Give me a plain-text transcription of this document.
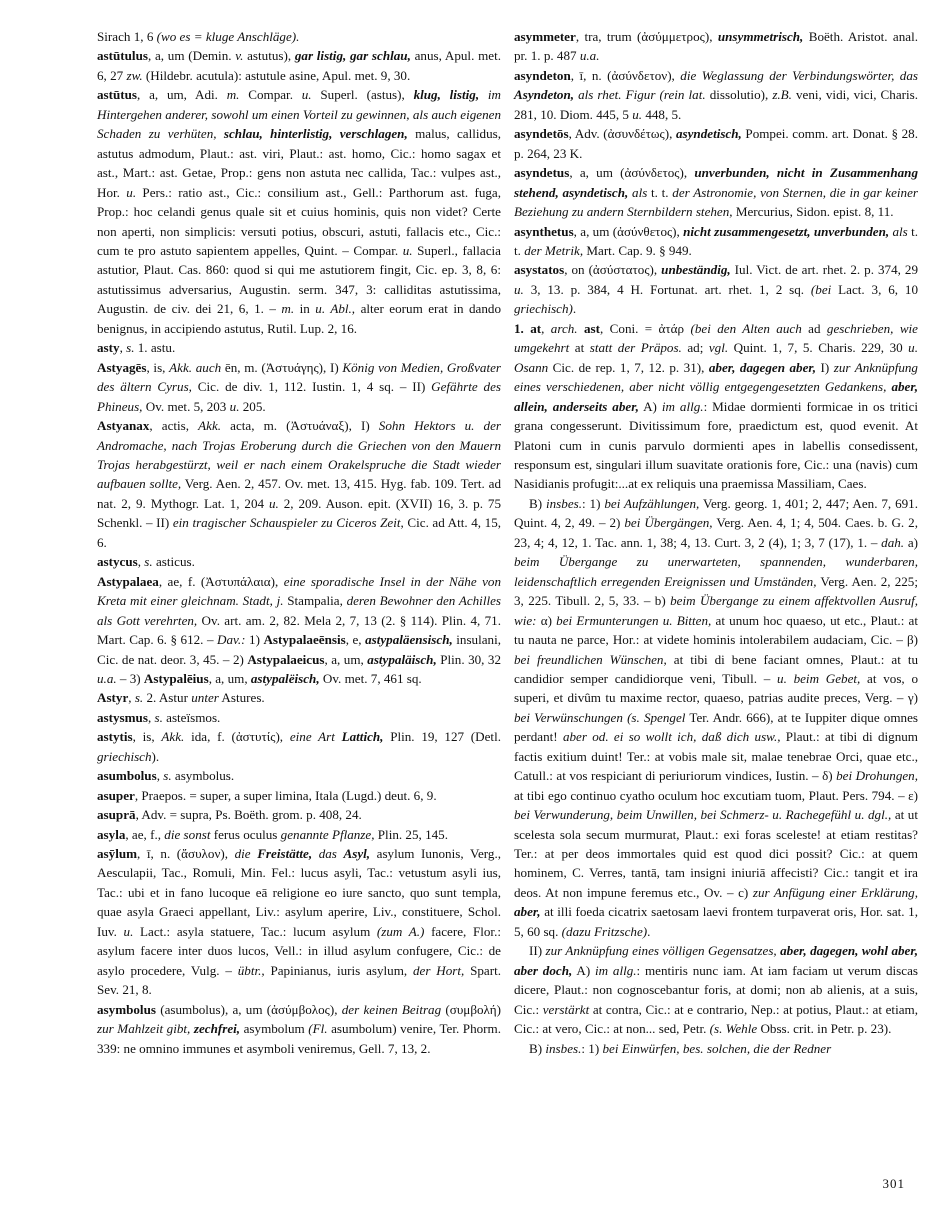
Sirach 1, 6 (wo es = kluge Anschläge).

astūtulus, a, um (Demin. v. astutus), gar listig, gar schlau, anus, Apul. met. 6, 27 zw. (Hildebr. acutula): astutule asine, Apul. met. 9, 30.

astūtus, a, um, Adi. m. Compar. u. Superl. (astus), klug, listig, im Hintergehen anderer, sowohl um einen Vorteil zu gewinnen, als auch eigenen Schaden zu verhüten, schlau, hinterlistig, verschlagen, malus, callidus, astutus admodum, Plaut.: ast. viri, Plaut.: ast. homo, Cic.: homo sagax et ast., Mart.: ast. Getae, Prop.: gens non astuta nec callida, Tac.: vulpes ast., Hor. u. Pers.: ratio ast., Cic.: consilium ast., Gell.: Parthorum ast. fuga, Prop.: hoc celandi genus quale sit et cuius hominis, quis non videt? Certe non aperti, non simplicis: versuti potius, obscuri, astuti, fallacis etc., Cic.: cum te pro astuto sapientem appelles, Quint. – Compar. u. Superl., fallacia astutior, Plaut. Cas. 860: quod si qui me astutiorem fingit, Cic. ep. 3, 8, 6: astutissimus adversarius, Augustin. serm. 347, 3: calliditas astutissima, Augustin. de civ. dei 21, 6, 1. – m. in u. Abl., alter eorum erat in dando benignus, in accipiendo astutus, Rutil. Lup. 2, 16.

asty, s. 1. astu.

Astyagēs, is, Akk. auch ēn, m. (Ἀστυάγης), I) König von Medien, Großvater des ältern Cyrus, Cic. de div. 1, 112. Iustin. 1, 4 sq. – II) Gefährte des Phineus, Ov. met. 5, 203 u. 205.

Astyanax, actis, Akk. acta, m. (Ἀστυάναξ), I) Sohn Hektors u. der Andromache, nach Trojas Eroberung durch die Griechen von den Mauern Trojas herabgestürzt, weil er nach einem Orakelspruche die Stadt wieder aufbauen sollte, Verg. Aen. 2, 457. Ov. met. 13, 415. Hyg. fab. 109. Tert. ad nat. 2, 9. Mythogr. Lat. 1, 204 u. 2, 209. Auson. epit. (XVII) 16, 3. p. 75 Schenkl. – II) ein tragischer Schauspieler zu Ciceros Zeit, Cic. ad Att. 4, 15, 6.

astycus, s. asticus.

Astypalaea, ae, f. (Ἀστυπάλαια), eine sporadische Insel in der Nähe von Kreta mit einer gleichnam. Stadt, j. Stampalia, deren Bewohner den Achilles als Gott verehrten, Ov. art. am. 2, 82. Mela 2, 7, 13 (2. § 114). Plin. 4, 71. Mart. Cap. 6. § 612. – Dav.: 1) Astypalaeēnsis, e, astypaläensisch, insulani, Cic. de nat. deor. 3, 45. – 2) Astypalaeicus, a, um, astypaläisch, Plin. 30, 32 u.a. – 3) Astypalēius, a, um, astypalëisch, Ov. met. 7, 461 sq.

Astyr, s. 2. Astur unter Astures.

astysmus, s. asteïsmos.

astytis, is, Akk. ida, f. (ἀστυτίς), eine Art Lattich, Plin. 19, 127 (Detl. griechisch).

asumbolus, s. asymbolus.

asuper, Praepos. = super, a super limina, Itala (Lugd.) deut. 6, 9.

asuprā, Adv. = supra, Ps. Boëth. grom. p. 408, 24.

asyla, ae, f., die sonst ferus oculus genannte Pflanze, Plin. 25, 145.

asȳlum, ī, n. (ἄσυλον), die Freistätte, das Asyl, asylum Iunonis, Verg., Aesculapii, Tac., Romuli, Min. Fel.: lucus asyli, Tac.: vetustum asyli ius, Tac.: ubi et in fano lucoque eā religione eo iure sancto, quo sunt templa, quae asyla Graeci appellant, Liv.: asylum aperire, Liv., constituere, Schol. Iuv. u. Lact.: asyla statuere, Tac.: lucum asylum (zum A.) facere, Flor.: asylum facere inter duos lucos, Vell.: in illud asylum confugere, Cic.: de asylo procedere, Vulg. – übtr., Papinianus, iuris asylum, der Hort, Spart. Sev. 21, 8.

asymbolus (asumbolus), a, um (ἀσύμβολος), der keinen Beitrag (συμβολή) zur Mahlzeit gibt, zechfrei, asymbolum (Fl. asumbolum) venire, Ter. Phorm. 339: ne omnino immunes et asymboli veniremus, Gell. 7, 13, 2.

asymmeter, tra, trum (ἀσύμμετρος), unsymmetrisch, Boëth. Aristot. anal. pr. 1. p. 487 u.a.

asyndeton, ī, n. (ἀσύνδετον), die Weglassung der Verbindungswörter, das Asyndeton, als rhet. Figur (rein lat. dissolutio), z.B. veni, vidi, vici, Charis. 281, 10. Diom. 445, 5 u. 448, 5.

asyndetōs, Adv. (ἀσυνδέτως), asyndetisch, Pompei. comm. art. Donat. § 28. p. 264, 23 K.

asyndetus, a, um (ἀσύνδετος), unverbunden, nicht in Zusammenhang stehend, asyndetisch, als t. t. der Astronomie, von Sternen, die in gar keiner Beziehung zu andern Sternbildern stehen, Mercurius, Sidon. epist. 8, 11.

asynthetus, a, um (ἀσύνθετος), nicht zusammengesetzt, unverbunden, als t. t. der Metrik, Mart. Cap. 9. § 949.

asystatos, on (ἀσύστατος), unbeständig, Iul. Vict. de art. rhet. 2. p. 374, 29 u. 3, 13. p. 384, 4 H. Fortunat. art. rhet. 1, 2 sq. (bei Lact. 3, 6, 10 griechisch).

1. at, arch. ast, Coni. = ἀτάρ (bei den Alten auch ad geschrieben, wie umgekehrt at statt der Präpos. ad; vgl. Quint. 1, 7, 5. Charis. 229, 30 u. Osann Cic. de rep. 1, 7, 12. p. 31), aber, dagegen aber, I) zur Anknüpfung eines verschiedenen, aber nicht völlig entgegengesetzten Gedankens, aber, allein, anderseits aber, A) im allg.: Midae dormienti formicae in os tritici grana congesserunt. Divitissimum fore, praedictum est, quod evenit. At Platoni cum in cunis parvulo dormienti apes in labellis consedissent, responsum est, singulari illum suavitate orationis fore, Cic.: una (navis) cum Nasidianis profugit:...at ex reliquis una praemissa Massiliam, Caes.

B) insbes.: 1) bei Aufzählungen, Verg. georg. 1, 401; 2, 447; Aen. 7, 691. Quint. 4, 2, 49. – 2) bei Übergängen, Verg. Aen. 4, 1; 4, 504. Caes. b. G. 2, 23, 4; 4, 12, 1. Tac. ann. 1, 38; 4, 13. Curt. 3, 2 (4), 1; 3, 7 (17), 1. – dah. a) beim Übergange zu unerwarteten, spannenden, wunderbaren, leidenschaftlich erregenden Ereignissen und Umständen, Verg. Aen. 2, 225; 3, 225. Tibull. 2, 5, 33. – b) beim Übergange zu einem affektvollen Ausruf, wie: α) bei Ermunterungen u. Bitten, at unum hoc quaeso, ut etc., Plaut.: at tu nauta ne parce, Hor.: at videte hominis intolerabilem audaciam, Cic. – β) bei freundlichen Wünschen, at tibi di bene faciant omnes, Plaut.: at tu candidior semper candidiorque veni, Tibull. – u. beim Gebet, at vos, o superi, et divûm tu maxime rector, quaeso, patrias audite preces, Verg. – γ) bei Verwünschungen (s. Spengel Ter. Andr. 666), at te Iuppiter dique omnes perdant! aber od. ei so wollt ich, daß dich usw., Plaut.: at tibi di dignum factis exitium duint! Ter.: at vobis male sit, malae tenebrae Orci, quae etc., Catull.: at vos respiciant di periuriorum vindices, Iustin. – δ) bei Drohungen, at tibi ego continuo cyatho oculum hoc excutiam tuom, Plaut. Pers. 794. – ε) bei Verwunderung, beim Unwillen, bei Schmerz- u. Rachegefühl u. dgl., at ut scelesta sola secum murmurat, Plaut.: exi foras sceleste! at etiam restitas? Ter.: at per deos immortales quid est quod dici possit? Cic.: at quem hominem, C. Verres, tantā, tam insigni iniuriā affecisti? Cic.: tangit et ira deos. At non impune feremus etc., Ov. – c) zur Anfügung einer Erklärung, aber, at illi foeda cicatrix saetosam laevi frontem turpaverat oris, Hor. sat. 1, 5, 60 sq. (dazu Fritzsche).

II) zur Anknüpfung eines völligen Gegensatzes, aber, dagegen, wohl aber, aber doch, A) im allg.: mentiris nunc iam. At iam faciam ut verum discas dicere, Plaut.: non cognoscebantur foris, at domi; non ab alienis, at a suis, Cic.: verstärkt at contra, Cic.: at e contrario, Nep.: at potius, Plaut.: at etiam, Cic.: at vero, Cic.: at non... sed, Petr. (s. Wehle Obss. crit. in Petr. p. 23).

B) insbes.: 1) bei Einwürfen, bes. solchen, die der Redner

301
